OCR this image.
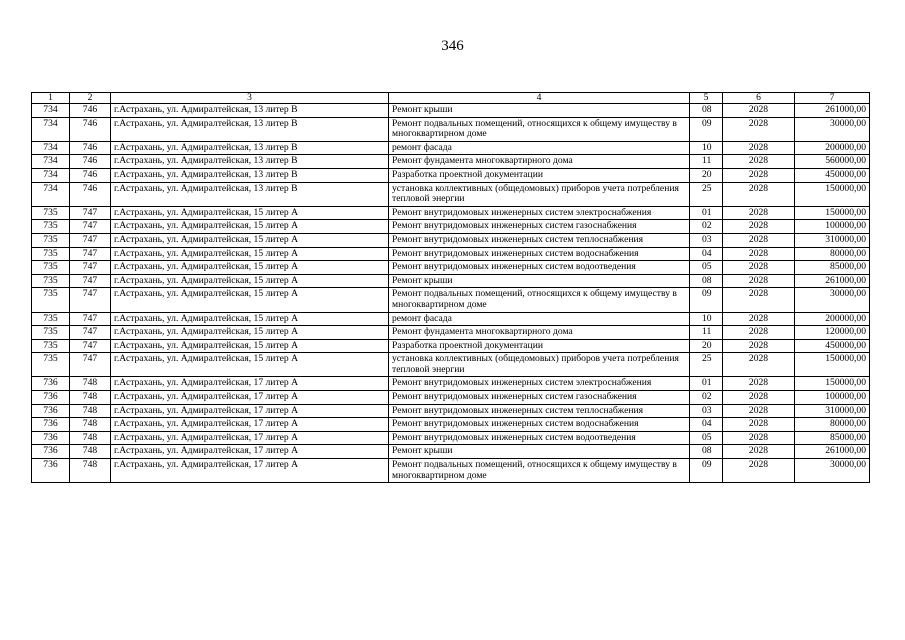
346
1	2	3	4	5	6	7
734	746	г.Астрахань, ул. Адмиралтейская, 13 литер В	Ремонт крыши	08	2028	261000,00
734	746	г.Астрахань, ул. Адмиралтейская, 13 литер В	Ремонт подвальных помещений, относящихся к общему имуществу в многоквартирном доме	09	2028	30000,00
734	746	г.Астрахань, ул. Адмиралтейская, 13 литер В	ремонт фасада	10	2028	200000,00
734	746	г.Астрахань, ул. Адмиралтейская, 13 литер В	Ремонт фундамента многоквартирного дома	11	2028	560000,00
734	746	г.Астрахань, ул. Адмиралтейская, 13 литер В	Разработка проектной документации	20	2028	450000,00
734	746	г.Астрахань, ул. Адмиралтейская, 13 литер В	установка коллективных (общедомовых) приборов учета потребления тепловой энергии	25	2028	150000,00
735	747	г.Астрахань, ул. Адмиралтейская, 15 литер А	Ремонт внутридомовых инженерных систем электроснабжения	01	2028	150000,00
735	747	г.Астрахань, ул. Адмиралтейская, 15 литер А	Ремонт внутридомовых инженерных систем газоснабжения	02	2028	100000,00
735	747	г.Астрахань, ул. Адмиралтейская, 15 литер А	Ремонт внутридомовых инженерных систем теплоснабжения	03	2028	310000,00
735	747	г.Астрахань, ул. Адмиралтейская, 15 литер А	Ремонт внутридомовых инженерных систем водоснабжения	04	2028	80000,00
735	747	г.Астрахань, ул. Адмиралтейская, 15 литер А	Ремонт внутридомовых инженерных систем водоотведения	05	2028	85000,00
735	747	г.Астрахань, ул. Адмиралтейская, 15 литер А	Ремонт крыши	08	2028	261000,00
735	747	г.Астрахань, ул. Адмиралтейская, 15 литер А	Ремонт подвальных помещений, относящихся к общему имуществу в многоквартирном доме	09	2028	30000,00
735	747	г.Астрахань, ул. Адмиралтейская, 15 литер А	ремонт фасада	10	2028	200000,00
735	747	г.Астрахань, ул. Адмиралтейская, 15 литер А	Ремонт фундамента многоквартирного дома	11	2028	120000,00
735	747	г.Астрахань, ул. Адмиралтейская, 15 литер А	Разработка проектной документации	20	2028	450000,00
735	747	г.Астрахань, ул. Адмиралтейская, 15 литер А	установка коллективных (общедомовых) приборов учета потребления тепловой энергии	25	2028	150000,00
736	748	г.Астрахань, ул. Адмиралтейская, 17 литер А	Ремонт внутридомовых инженерных систем электроснабжения	01	2028	150000,00
736	748	г.Астрахань, ул. Адмиралтейская, 17 литер А	Ремонт внутридомовых инженерных систем газоснабжения	02	2028	100000,00
736	748	г.Астрахань, ул. Адмиралтейская, 17 литер А	Ремонт внутридомовых инженерных систем теплоснабжения	03	2028	310000,00
736	748	г.Астрахань, ул. Адмиралтейская, 17 литер А	Ремонт внутридомовых инженерных систем водоснабжения	04	2028	80000,00
736	748	г.Астрахань, ул. Адмиралтейская, 17 литер А	Ремонт внутридомовых инженерных систем водоотведения	05	2028	85000,00
736	748	г.Астрахань, ул. Адмиралтейская, 17 литер А	Ремонт крыши	08	2028	261000,00
736	748	г.Астрахань, ул. Адмиралтейская, 17 литер А	Ремонт подвальных помещений, относящихся к общему имуществу в многоквартирном доме	09	2028	30000,00
